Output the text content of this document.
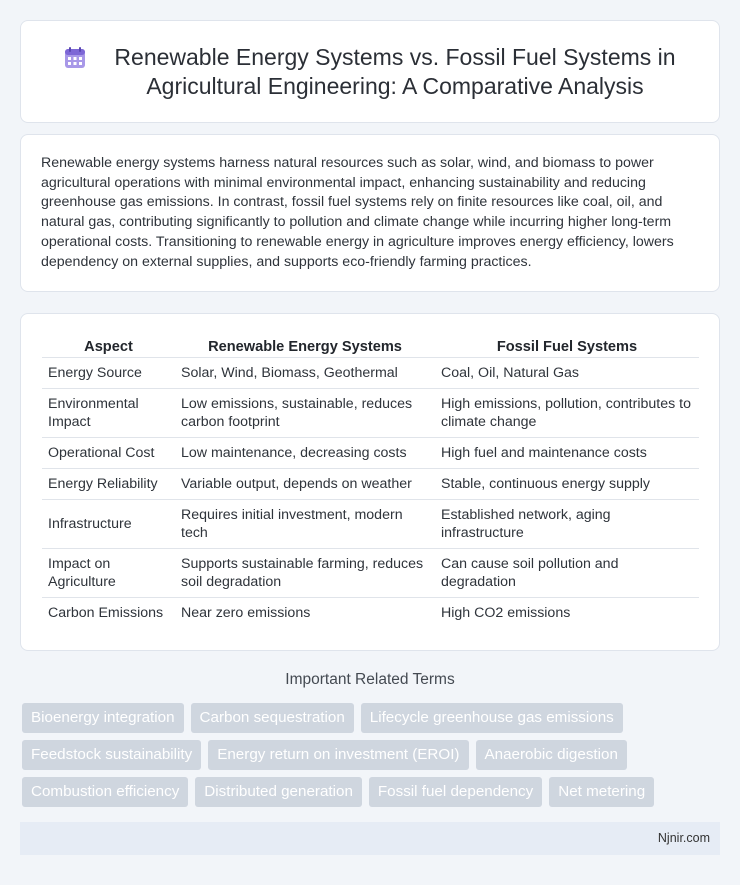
Renewable Energy Systems vs. Fossil Fuel Systems in Agricultural Engineering: A Comparative Analysis

Renewable energy systems harness natural resources such as solar, wind, and biomass to power agricultural operations with minimal environmental impact, enhancing sustainability and reducing greenhouse gas emissions. In contrast, fossil fuel systems rely on finite resources like coal, oil, and natural gas, contributing significantly to pollution and climate change while incurring higher long-term operational costs. Transitioning to renewable energy in agriculture improves energy efficiency, lowers dependency on external supplies, and supports eco-friendly farming practices.

Aspect	Renewable Energy Systems	Fossil Fuel Systems
Energy Source	Solar, Wind, Biomass, Geothermal	Coal, Oil, Natural Gas
Environmental Impact	Low emissions, sustainable, reduces carbon footprint	High emissions, pollution, contributes to climate change
Operational Cost	Low maintenance, decreasing costs	High fuel and maintenance costs
Energy Reliability	Variable output, depends on weather	Stable, continuous energy supply
Infrastructure	Requires initial investment, modern tech	Established network, aging infrastructure
Impact on Agriculture	Supports sustainable farming, reduces soil degradation	Can cause soil pollution and degradation
Carbon Emissions	Near zero emissions	High CO2 emissions
Important Related Terms
Bioenergy integration	Carbon sequestration	Lifecycle greenhouse gas emissions
Feedstock sustainability	Energy return on investment (EROI)	Anaerobic digestion
Combustion efficiency	Distributed generation	Fossil fuel dependency	Net metering
Njnir.com
